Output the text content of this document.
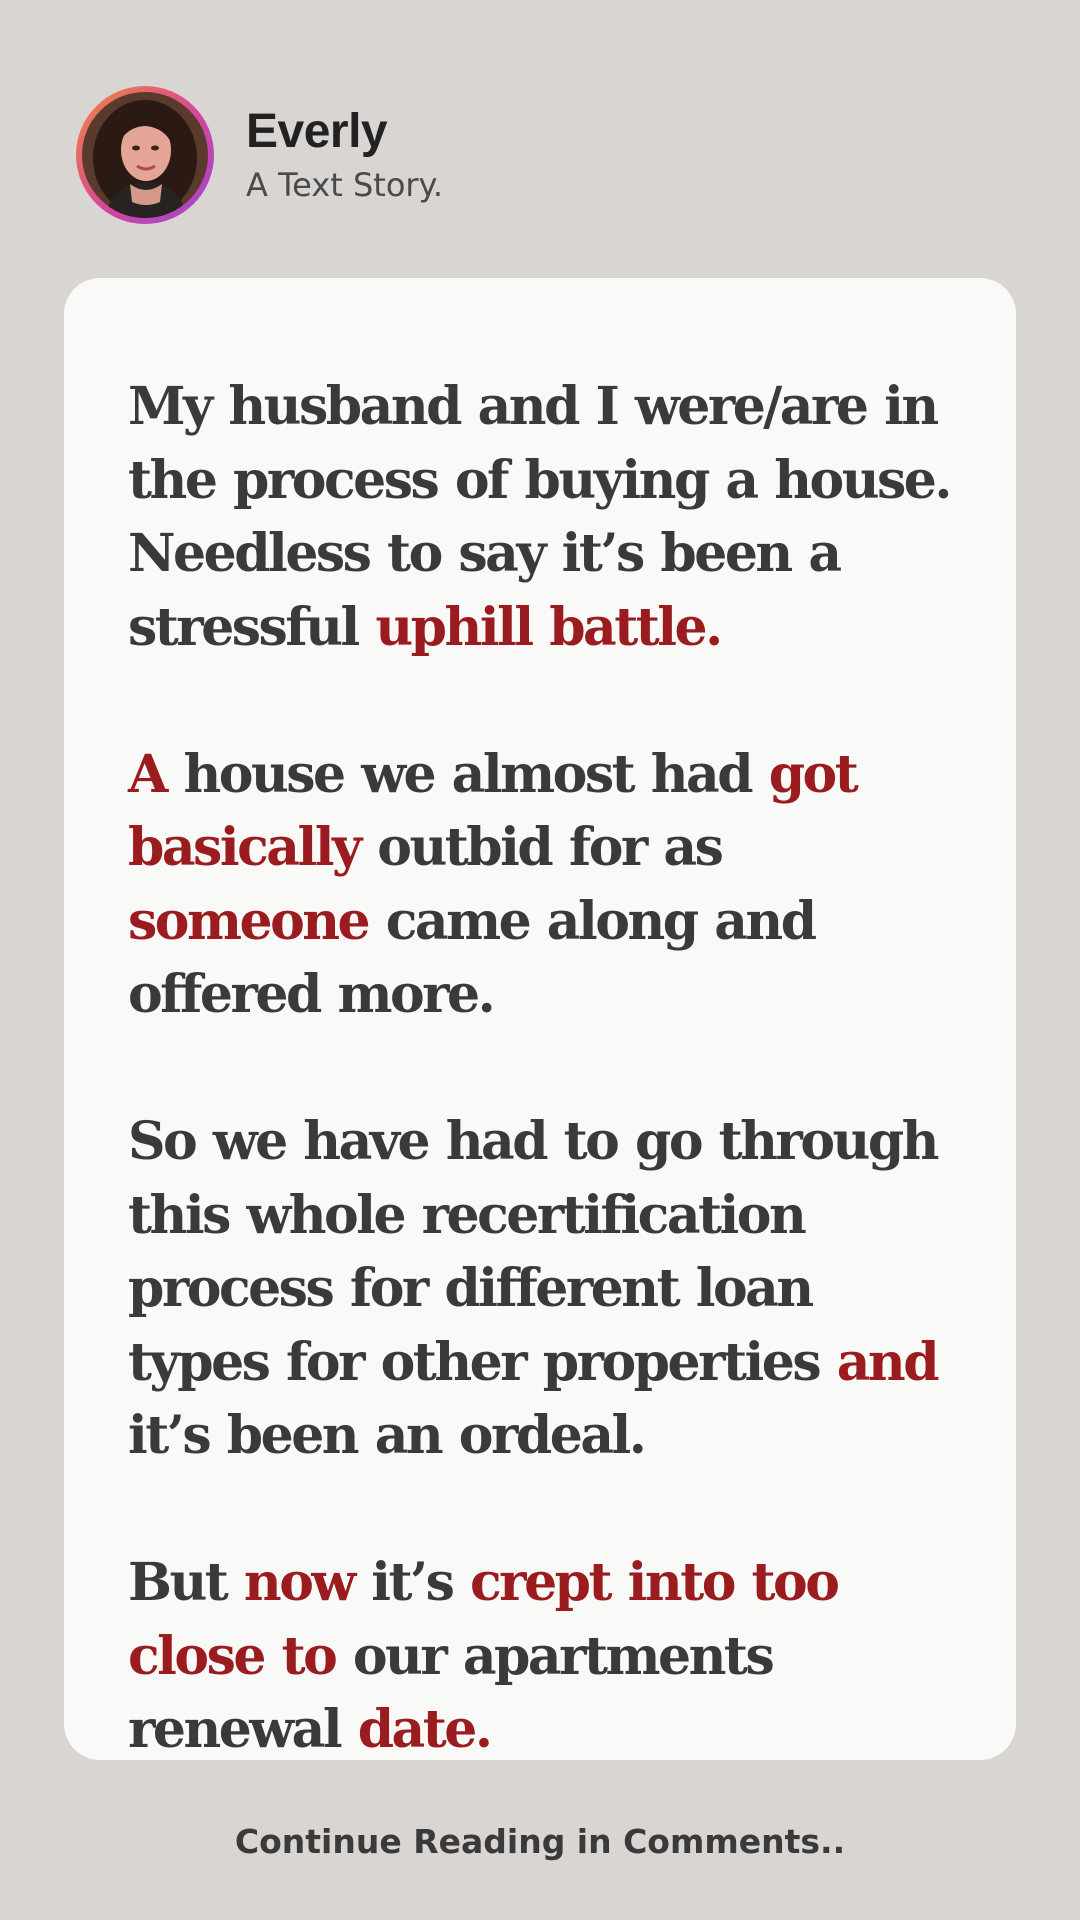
Everly
A Text Story.

My husband and I were/are in the process of buying a house. Needless to say it’s been a stressful uphill battle.

A house we almost had got basically outbid for as someone came along and offered more.

So we have had to go through this whole recertification process for different loan types for other properties and it’s been an ordeal.

But now it’s crept into too close to our apartments renewal date.

Continue Reading in Comments..
